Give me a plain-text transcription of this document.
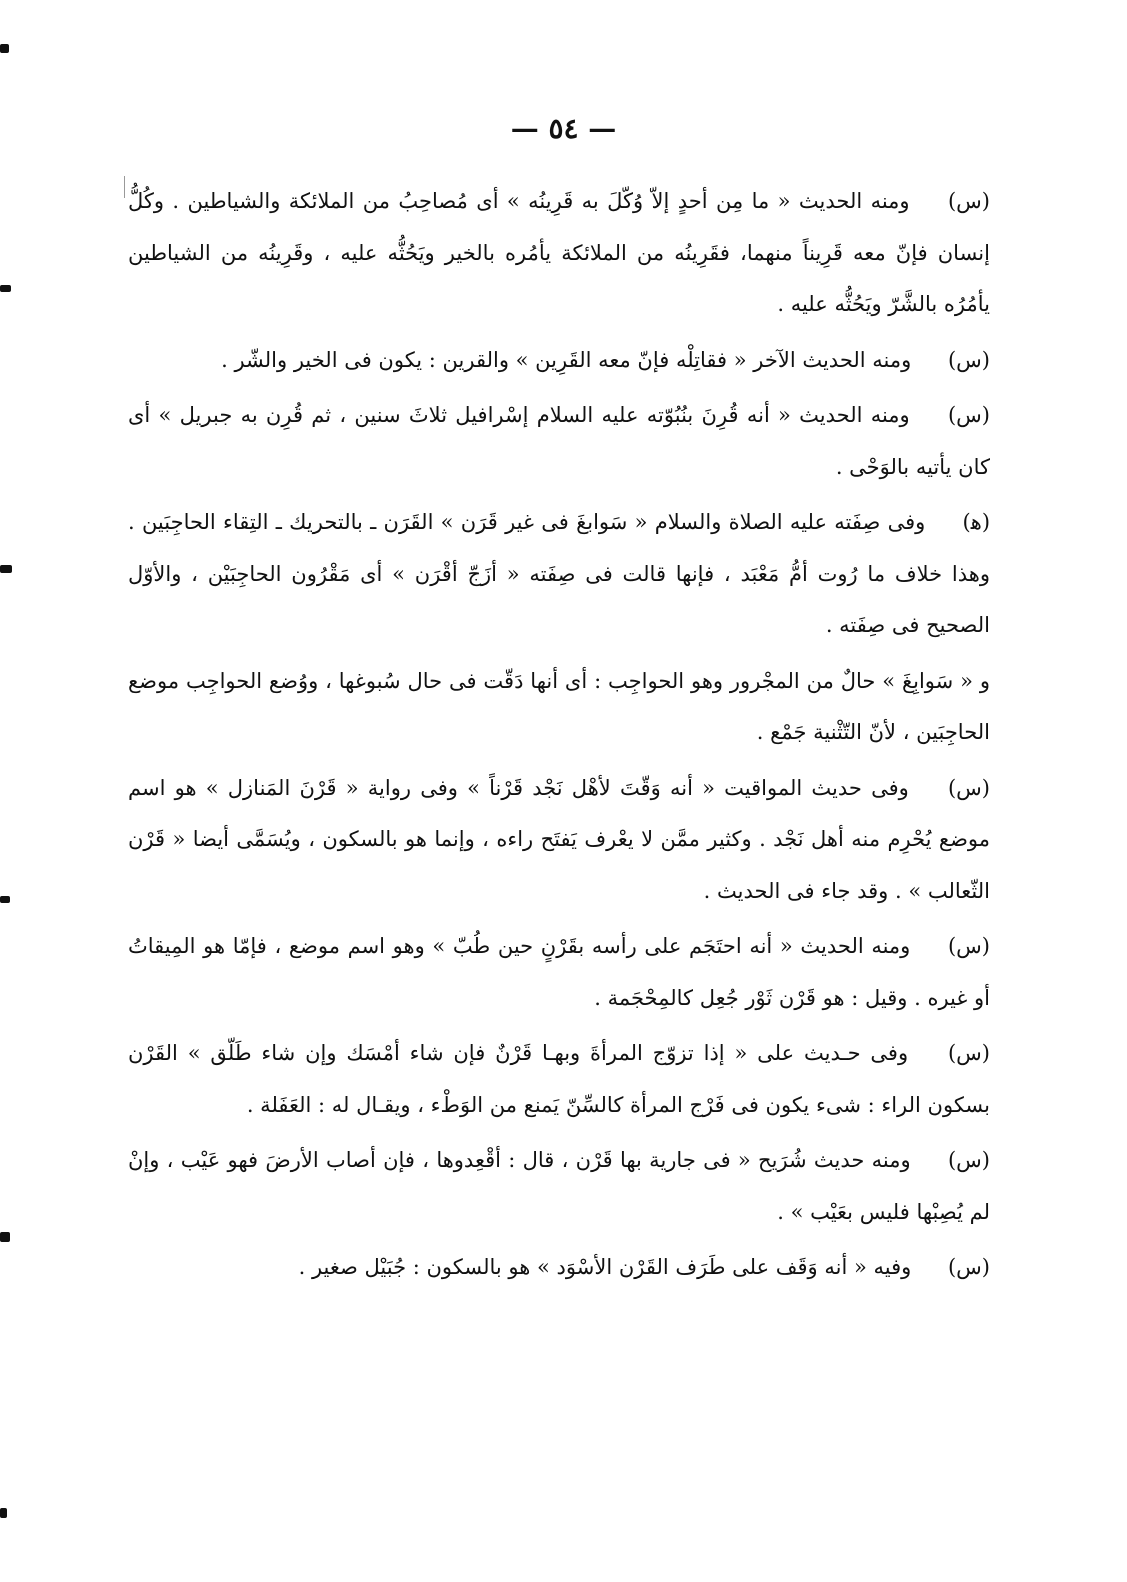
— ٥٤ —

(س) ومنه الحديث « ما مِن أحدٍ إلاّ وُكّلَ به قَرِينُه » أى مُصاحِبُ من الملائكة والشياطين . وكُلُّ إنسان فإنّ معه قَرِيناً منهما، فقَرِينُه من الملائكة يأمُره بالخير ويَحُثُّه عليه ، وقَرِينُه من الشياطين يأمُرُه بالشَّرّ ويَحُثُّه عليه .

(س) ومنه الحديث الآخر « فقاتِلْه فإنّ معه القَرِين » والقرين : يكون فى الخير والشّر .

(س) ومنه الحديث « أنه قُرِنَ بنُبُوّته عليه السلام إسْرافيل ثلاثَ سنين ، ثم قُرِن به جبريل » أى كان يأتيه بالوَحْى .

(ﻫ) وفى صِفَته عليه الصلاة والسلام « سَوابغَ فى غير قَرَن » القَرَن ـ بالتحريك ـ التِقاء الحاجِبَين . وهذا خلاف ما رُوت أمُّ مَعْبَد ، فإنها قالت فى صِفَته « أزَجّ أقْرَن » أى مَقْرُون الحاجِبَيْن ، والأوّل الصحيح فى صِفَته .

و « سَوابِغَ » حالٌ من المجْرور وهو الحواجِب : أى أنها دَقّت فى حال سُبوغها ، ووُضع الحواجِب موضع الحاجِبَين ، لأنّ التّثْنية جَمْع .

(س) وفى حديث المواقيت « أنه وَقّتَ لأهْل نَجْد قَرْناً » وفى رواية « قَرْنَ المَنازل » هو اسم موضع يُحْرِم منه أهل نَجْد . وكثير ممَّن لا يعْرف يَفتَح راءه ، وإنما هو بالسكون ، ويُسَمَّى أيضا « قَرْن الثّعالب » . وقد جاء فى الحديث .

(س) ومنه الحديث « أنه احتَجَم على رأسه بقَرْنٍ حين طُبّ » وهو اسم موضع ، فإمّا هو المِيقاتُ أو غيره . وقيل : هو قَرْن ثَوْر جُعِل كالمِحْجَمة .

(س) وفى حـديث على « إذا تزوّج المرأةَ وبهـا قَرْنٌ فإن شاء أمْسَك وإن شاء طَلّق » القَرْن بسكون الراء : شىء يكون فى فَرْج المرأة كالسِّنّ يَمنع من الوَطْء ، ويقـال له : العَفَلة .

(س) ومنه حديث شُرَيح « فى جارية بها قَرْن ، قال : أقْعِدوها ، فإن أصاب الأرضَ فهو عَيْب ، وإنْ لم يُصِبْها فليس بعَيْب » .

(س) وفيه « أنه وَقَف على طَرَف القَرْن الأسْوَد » هو بالسكون : جُبَيْل صغير .
